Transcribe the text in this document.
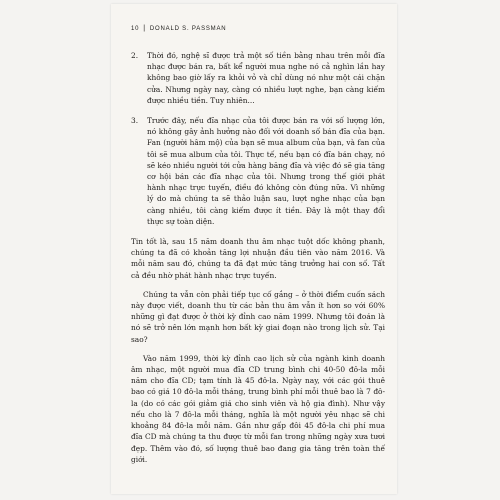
10 | DONALD S. PASSMAN
2. Thời đó, nghệ sĩ được trả một số tiền bằng nhau trên mỗi đĩa nhạc được bán ra, bất kể người mua nghe nó cả nghìn lần hay không bao giờ lấy ra khỏi vỏ và chỉ dùng nó như một cái chặn cửa. Nhưng ngày nay, càng có nhiều lượt nghe, bạn càng kiếm được nhiều tiền. Tuy nhiên...
3. Trước đây, nếu đĩa nhạc của tôi được bán ra với số lượng lớn, nó không gây ảnh hưởng nào đối với doanh số bán đĩa của bạn. Fan (người hâm mộ) của bạn sẽ mua album của bạn, và fan của tôi sẽ mua album của tôi. Thực tế, nếu bạn có đĩa bán chạy, nó sẽ kéo nhiều người tới cửa hàng băng đĩa và việc đó sẽ gia tăng cơ hội bán các đĩa nhạc của tôi. Nhưng trong thế giới phát hành nhạc trực tuyến, điều đó không còn đúng nữa. Vì những lý do mà chúng ta sẽ thảo luận sau, lượt nghe nhạc của bạn càng nhiều, tôi càng kiếm được ít tiền. Đây là một thay đổi thực sự toàn diện.

Tin tốt là, sau 15 năm doanh thu âm nhạc tuột dốc không phanh, chúng ta đã có khoản tăng lợi nhuận đầu tiên vào năm 2016. Và mỗi năm sau đó, chúng ta đã đạt mức tăng trưởng hai con số. Tất cả đều nhờ phát hành nhạc trực tuyến.

Chúng ta vẫn còn phải tiếp tục cố gắng – ở thời điểm cuốn sách này được viết, doanh thu từ các bản thu âm vẫn ít hơn so với 60% những gì đạt được ở thời kỳ đỉnh cao năm 1999. Nhưng tôi đoán là nó sẽ trở nên lớn mạnh hơn bất kỳ giai đoạn nào trong lịch sử. Tại sao?

Vào năm 1999, thời kỳ đỉnh cao lịch sử của ngành kinh doanh âm nhạc, một người mua đĩa CD trung bình chi 40-50 đô-la mỗi năm cho đĩa CD; tạm tính là 45 đô-la. Ngày nay, với các gói thuê bao có giá 10 đô-la mỗi tháng, trung bình phí mỗi thuê bao là 7 đô-la (do có các gói giảm giá cho sinh viên và hộ gia đình). Như vậy nếu cho là 7 đô-la mỗi tháng, nghĩa là một người yêu nhạc sẽ chi khoảng 84 đô-la mỗi năm. Gần như gấp đôi 45 đô-la chi phí mua đĩa CD mà chúng ta thu được từ mỗi fan trong những ngày xưa tươi đẹp. Thêm vào đó, số lượng thuê bao đang gia tăng trên toàn thế giới.
